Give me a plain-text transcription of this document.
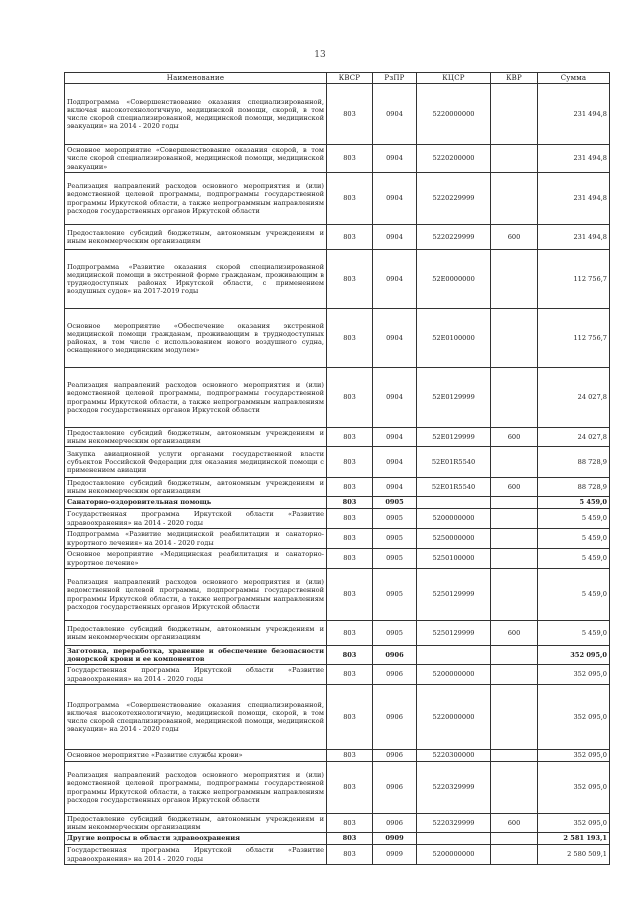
13
Наименование	КВСР	РзПР	КЦСР	КВР	Сумма
Подпрограмма «Совершенствование оказания специализированной, включая высокотехнологичную, медицинской помощи, скорой, в том числе скорой специализированной, медицинской помощи, медицинской эвакуации» на 2014 - 2020 годы	803	0904	5220000000		231 494,8
Основное мероприятие «Совершенствование оказания скорой, в том числе скорой специализированной, медицинской помощи, медицинской эвакуации»	803	0904	5220200000		231 494,8
Реализация направлений расходов основного мероприятия и (или) ведомственной целевой программы, подпрограммы государственной программы Иркутской области, а также непрограммным направлениям расходов государственных органов Иркутской области	803	0904	5220229999		231 494,8
Предоставление субсидий бюджетным, автономным учреждениям и иным некоммерческим организациям	803	0904	5220229999	600	231 494,8
Подпрограмма «Развитие оказания скорой специализированной медицинской помощи в экстренной форме гражданам, проживающим в труднодоступных районах Иркутской области, с применением воздушных судов» на 2017-2019 годы	803	0904	52E0000000		112 756,7
Основное мероприятие «Обеспечение оказания экстренной медицинской помощи гражданам, проживающим в труднодоступных районах, в том числе с использованием нового воздушного судна, оснащенного медицинским модулем»	803	0904	52E0100000		112 756,7
Реализация направлений расходов основного мероприятия и (или) ведомственной целевой программы, подпрограммы государственной программы Иркутской области, а также непрограммным направлениям расходов государственных органов Иркутской области	803	0904	52E0129999		24 027,8
Предоставление субсидий бюджетным, автономным учреждениям и иным некоммерческим организациям	803	0904	52E0129999	600	24 027,8
Закупка авиационной услуги органами государственной власти субъектов Российской Федерации для оказания медицинской помощи с применением авиации	803	0904	52E01R5540		88 728,9
Предоставление субсидий бюджетным, автономным учреждениям и иным некоммерческим организациям	803	0904	52E01R5540	600	88 728,9
Санаторно-оздоровительная помощь	803	0905			5 459,0
Государственная программа Иркутской области «Развитие здравоохранения» на 2014 - 2020 годы	803	0905	5200000000		5 459,0
Подпрограмма «Развитие медицинской реабилитации и санаторно-курортного лечения» на 2014 - 2020 годы	803	0905	5250000000		5 459,0
Основное мероприятие «Медицинская реабилитация и санаторно-курортное лечение»	803	0905	5250100000		5 459,0
Реализация направлений расходов основного мероприятия и (или) ведомственной целевой программы, подпрограммы государственной программы Иркутской области, а также непрограммным направлениям расходов государственных органов Иркутской области	803	0905	5250129999		5 459,0
Предоставление субсидий бюджетным, автономным учреждениям и иным некоммерческим организациям	803	0905	5250129999	600	5 459,0
Заготовка, переработка, хранение и обеспечение безопасности донорской крови и ее компонентов	803	0906			352 095,0
Государственная программа Иркутской области «Развитие здравоохранения» на 2014 - 2020 годы	803	0906	5200000000		352 095,0
Подпрограмма «Совершенствование оказания специализированной, включая высокотехнологичную, медицинской помощи, скорой, в том числе скорой специализированной, медицинской помощи, медицинской эвакуации» на 2014 - 2020 годы	803	0906	5220000000		352 095,0
Основное мероприятие «Развитие службы крови»	803	0906	5220300000		352 095,0
Реализация направлений расходов основного мероприятия и (или) ведомственной целевой программы, подпрограммы государственной программы Иркутской области, а также непрограммным направлениям расходов государственных органов Иркутской области	803	0906	5220329999		352 095,0
Предоставление субсидий бюджетным, автономным учреждениям и иным некоммерческим организациям	803	0906	5220329999	600	352 095,0
Другие вопросы в области здравоохранения	803	0909			2 581 193,1
Государственная программа Иркутской области «Развитие здравоохранения» на 2014 - 2020 годы	803	0909	5200000000		2 580 509,1
